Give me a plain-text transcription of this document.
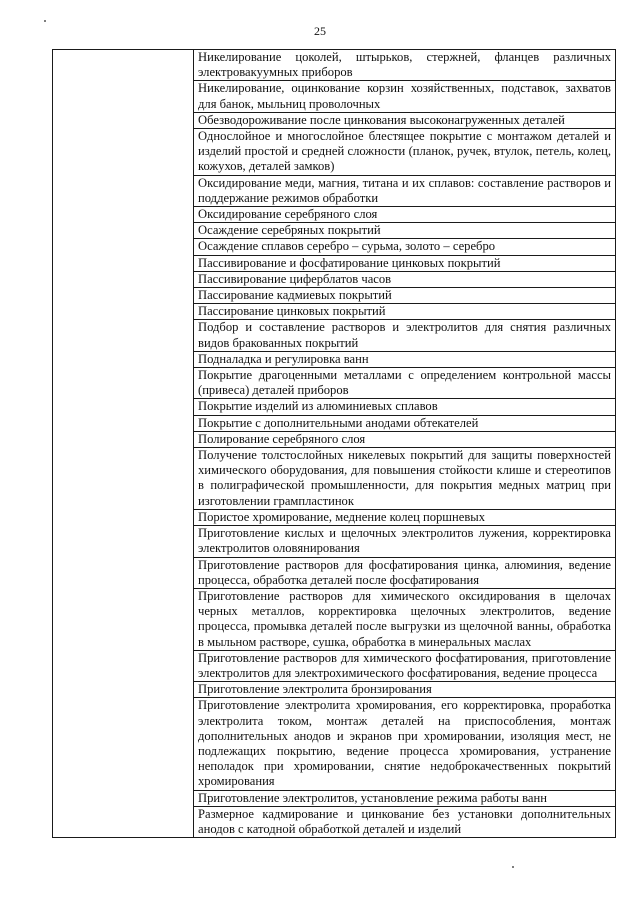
25
	Никелирование цоколей, штырьков, стержней, фланцев различных электровакуумных приборов
Никелирование, оцинкование корзин хозяйственных, подставок, захватов для банок, мыльниц проволочных
Обезводороживание после цинкования высоконагруженных деталей
Однослойное и многослойное блестящее покрытие с монтажом деталей и изделий простой и средней сложности (планок, ручек, втулок, петель, колец, кожухов, деталей замков)
Оксидирование меди, магния, титана и их сплавов: составление растворов и поддержание режимов обработки
Оксидирование серебряного слоя
Осаждение серебряных покрытий
Осаждение сплавов серебро – сурьма, золото – серебро
Пассивирование и фосфатирование цинковых покрытий
Пассивирование циферблатов часов
Пассирование кадмиевых покрытий
Пассирование цинковых покрытий
Подбор и составление растворов и электролитов для снятия различных видов бракованных покрытий
Подналадка и регулировка ванн
Покрытие драгоценными металлами с определением контрольной массы (привеса) деталей приборов
Покрытие изделий из алюминиевых сплавов
Покрытие с дополнительными анодами обтекателей
Полирование серебряного слоя
Получение толстослойных никелевых покрытий для защиты поверхностей химического оборудования, для повышения стойкости клише и стереотипов в полиграфической промышленности, для покрытия медных матриц при изготовлении грампластинок
Пористое хромирование, меднение колец поршневых
Приготовление кислых и щелочных электролитов лужения, корректировка электролитов оловянирования
Приготовление растворов для фосфатирования цинка, алюминия, ведение процесса, обработка деталей после фосфатирования
Приготовление растворов для химического оксидирования в щелочах черных металлов, корректировка щелочных электролитов, ведение процесса, промывка деталей после выгрузки из щелочной ванны, обработка в мыльном растворе, сушка, обработка в минеральных маслах
Приготовление растворов для химического фосфатирования, приготовление электролитов для электрохимического фосфатирования, ведение процесса
Приготовление электролита бронзирования
Приготовление электролита хромирования, его корректировка, проработка электролита током, монтаж деталей на приспособления, монтаж дополнительных анодов и экранов при хромировании, изоляция мест, не подлежащих покрытию, ведение процесса хромирования, устранение неполадок при хромировании, снятие недоброкачественных покрытий хромирования
Приготовление электролитов, установление режима работы ванн
Размерное кадмирование и цинкование без установки дополнительных анодов с катодной обработкой деталей и изделий
